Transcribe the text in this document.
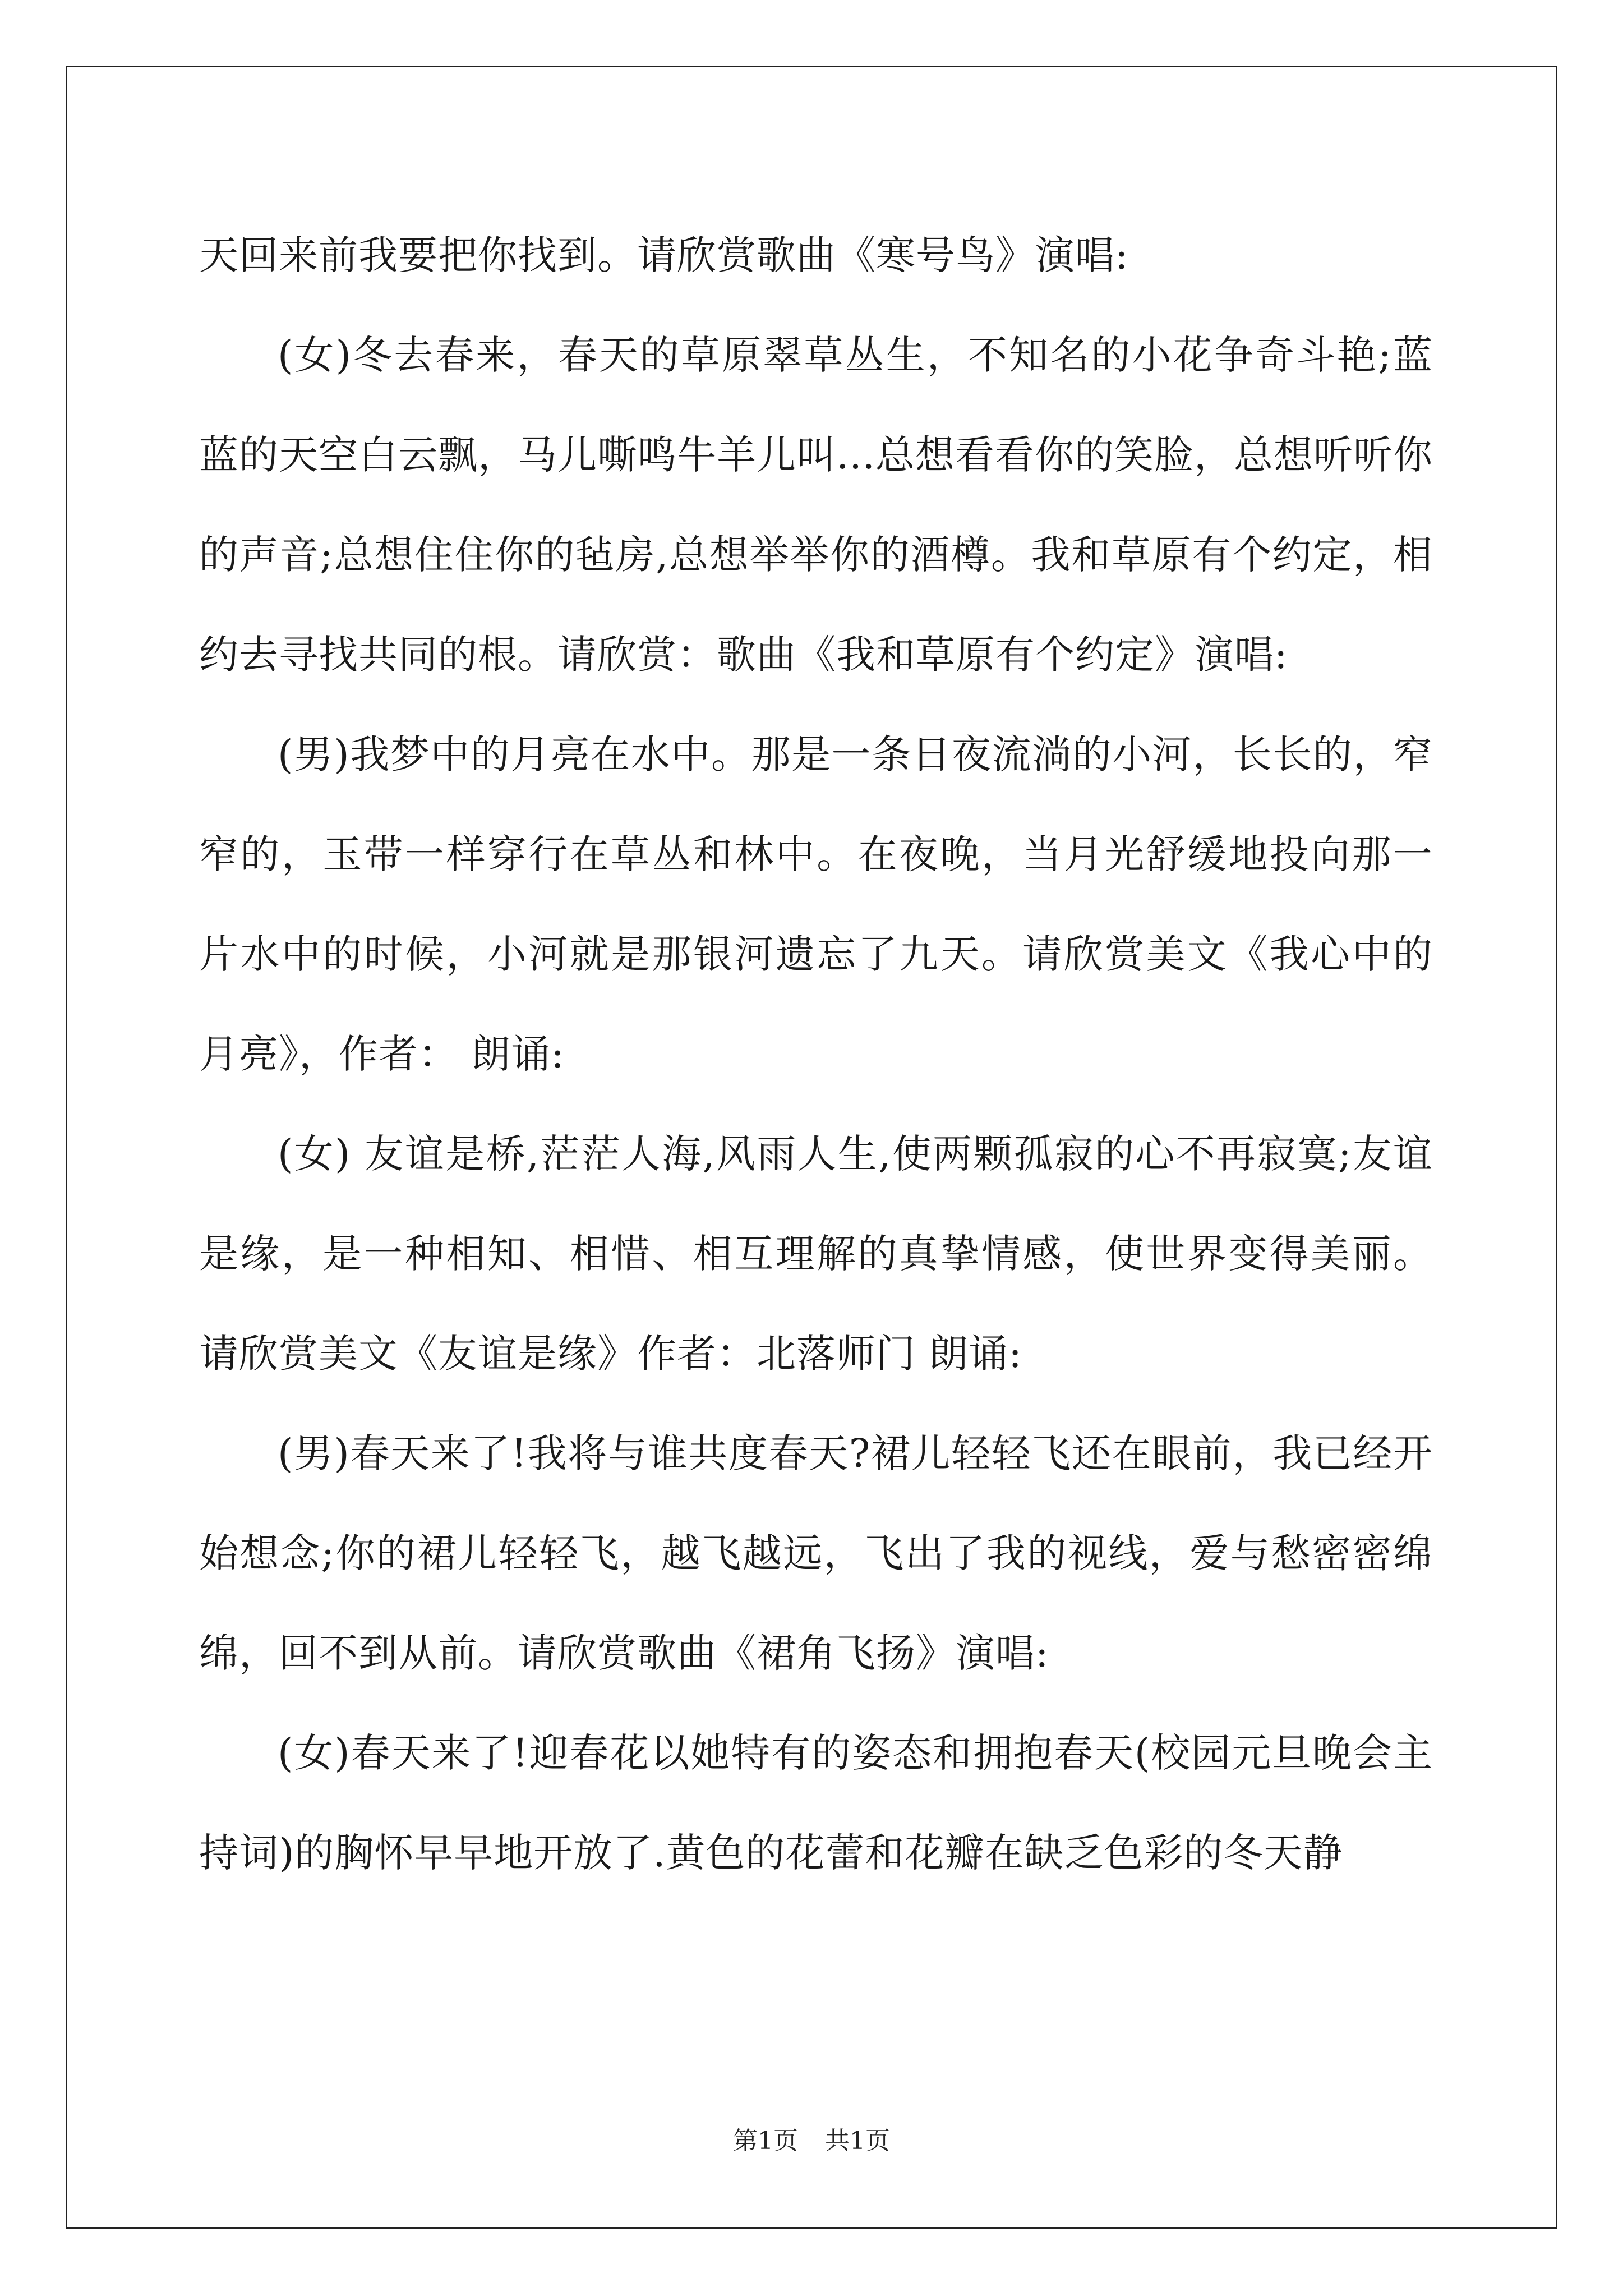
天回来前我要把你找到。请欣赏歌曲《寒号鸟》演唱:

(女)冬去春来，春天的草原翠草丛生，不知名的小花争奇斗艳;蓝蓝的天空白云飘，马儿嘶鸣牛羊儿叫...总想看看你的笑脸，总想听听你的声音;总想住住你的毡房,总想举举你的酒樽。我和草原有个约定，相约去寻找共同的根。请欣赏：歌曲《我和草原有个约定》演唱:

(男)我梦中的月亮在水中。那是一条日夜流淌的小河，长长的，窄窄的，玉带一样穿行在草丛和林中。在夜晚，当月光舒缓地投向那一片水中的时候，小河就是那银河遗忘了九天。请欣赏美文《我心中的月亮》，作者： 朗诵:

(女) 友谊是桥,茫茫人海,风雨人生,使两颗孤寂的心不再寂寞;友谊是缘，是一种相知、相惜、相互理解的真挚情感，使世界变得美丽。请欣赏美文《友谊是缘》作者：北落师门 朗诵:

(男)春天来了!我将与谁共度春天?裙儿轻轻飞还在眼前，我已经开始想念;你的裙儿轻轻飞，越飞越远，飞出了我的视线，爱与愁密密绵绵，回不到从前。请欣赏歌曲《裙角飞扬》演唱:

(女)春天来了!迎春花以她特有的姿态和拥抱春天(校园元旦晚会主持词)的胸怀早早地开放了.黄色的花蕾和花瓣在缺乏色彩的冬天静

第1页 共1页
